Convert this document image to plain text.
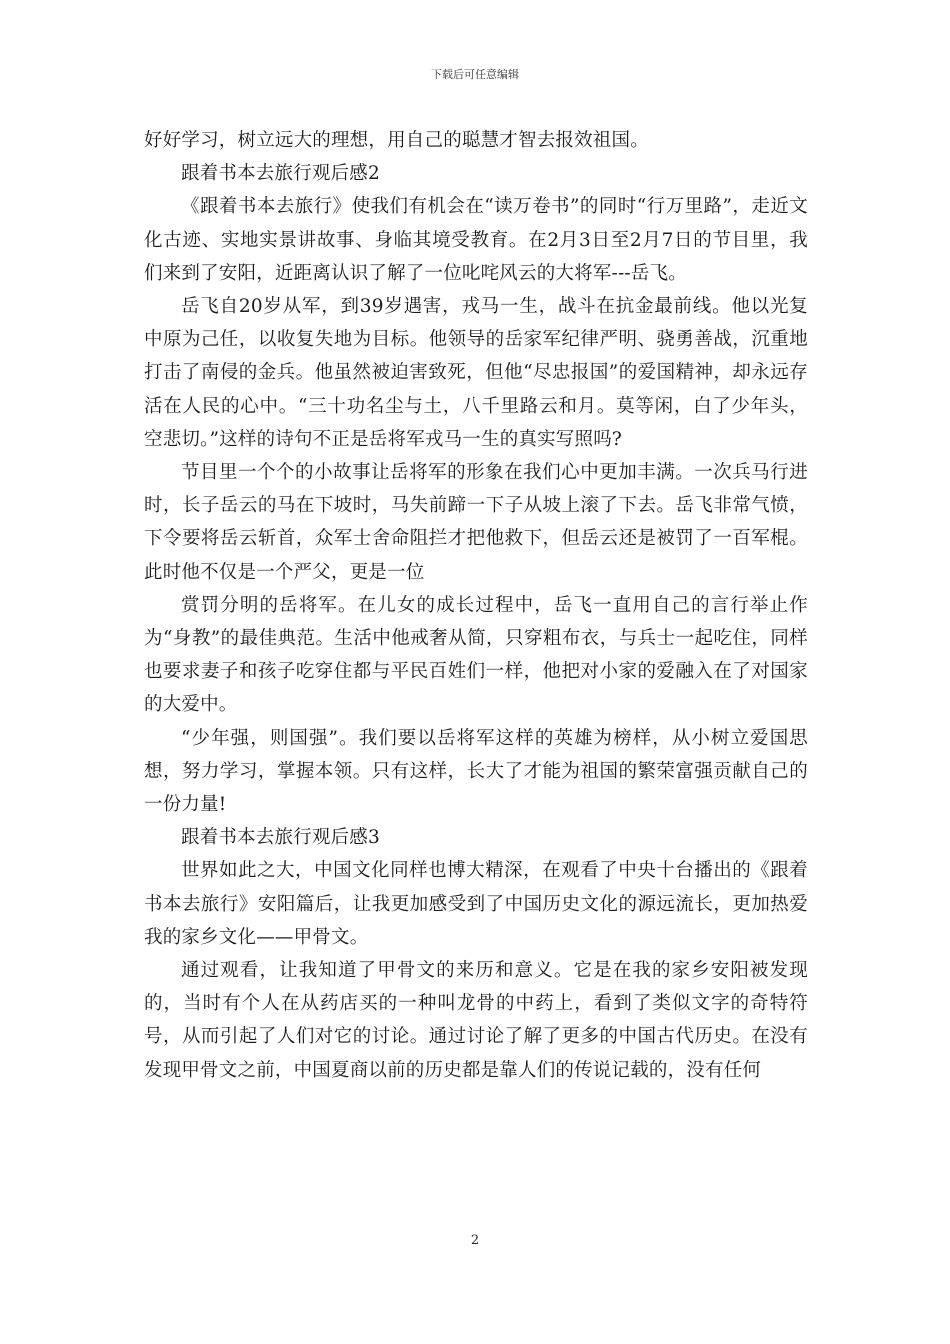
下载后可任意编辑

好好学习，树立远大的理想，用自己的聪慧才智去报效祖国。

跟着书本去旅行观后感2

《跟着书本去旅行》使我们有机会在“读万卷书”的同时“行万里路”，走近文化古迹、实地实景讲故事、身临其境受教育。在2月3日至2月7日的节目里，我们来到了安阳，近距离认识了解了一位叱咤风云的大将军---岳飞。

岳飞自20岁从军，到39岁遇害，戎马一生，战斗在抗金最前线。他以光复中原为己任，以收复失地为目标。他领导的岳家军纪律严明、骁勇善战，沉重地打击了南侵的金兵。他虽然被迫害致死，但他“尽忠报国”的爱国精神，却永远存活在人民的心中。“三十功名尘与土，八千里路云和月。莫等闲，白了少年头，空悲切。”这样的诗句不正是岳将军戎马一生的真实写照吗?

节目里一个个的小故事让岳将军的形象在我们心中更加丰满。一次兵马行进时，长子岳云的马在下坡时，马失前蹄一下子从坡上滚了下去。岳飞非常气愤，下令要将岳云斩首，众军士舍命阻拦才把他救下，但岳云还是被罚了一百军棍。此时他不仅是一个严父，更是一位

赏罚分明的岳将军。在儿女的成长过程中，岳飞一直用自己的言行举止作为“身教”的最佳典范。生活中他戒奢从简，只穿粗布衣，与兵士一起吃住，同样也要求妻子和孩子吃穿住都与平民百姓们一样，他把对小家的爱融入在了对国家的大爱中。

“少年强，则国强”。我们要以岳将军这样的英雄为榜样，从小树立爱国思想，努力学习，掌握本领。只有这样，长大了才能为祖国的繁荣富强贡献自己的一份力量!

跟着书本去旅行观后感3

世界如此之大，中国文化同样也博大精深，在观看了中央十台播出的《跟着书本去旅行》安阳篇后，让我更加感受到了中国历史文化的源远流长，更加热爱我的家乡文化——甲骨文。

通过观看，让我知道了甲骨文的来历和意义。它是在我的家乡安阳被发现的，当时有个人在从药店买的一种叫龙骨的中药上，看到了类似文字的奇特符号，从而引起了人们对它的讨论。通过讨论了解了更多的中国古代历史。在没有发现甲骨文之前，中国夏商以前的历史都是靠人们的传说记载的，没有任何

2
